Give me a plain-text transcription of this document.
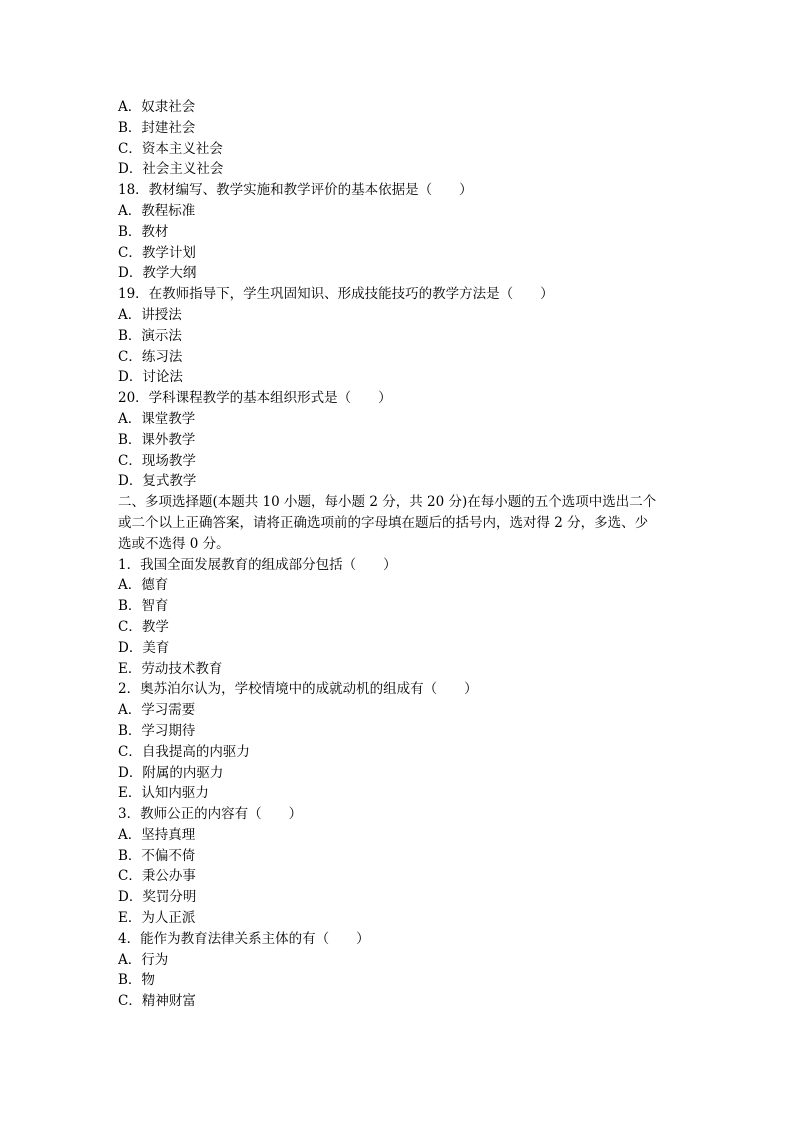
A．奴隶社会
B．封建社会
C．资本主义社会
D．社会主义社会
18．教材编写、教学实施和教学评价的基本依据是（　　）
A．教程标准
B．教材
C．教学计划
D．教学大纲
19．在教师指导下，学生巩固知识、形成技能技巧的教学方法是（　　）
A．讲授法
B．演示法
C．练习法
D．讨论法
20．学科课程教学的基本组织形式是（　　）
A．课堂教学
B．课外教学
C．现场教学
D．复式教学
二、多项选择题(本题共 10 小题，每小题 2 分，共 20 分)在每小题的五个选项中选出二个
或二个以上正确答案，请将正确选项前的字母填在题后的括号内，选对得 2 分，多选、少
选或不选得 0 分。
1．我国全面发展教育的组成部分包括（　　）
A．德育
B．智育
C．教学
D．美育
E．劳动技术教育
2．奥苏泊尔认为，学校情境中的成就动机的组成有（　　）
A．学习需要
B．学习期待
C．自我提高的内驱力
D．附属的内驱力
E．认知内驱力
3．教师公正的内容有（　　）
A．坚持真理
B．不偏不倚
C．秉公办事
D．奖罚分明
E．为人正派
4．能作为教育法律关系主体的有（　　）
A．行为
B．物
C．精神财富
